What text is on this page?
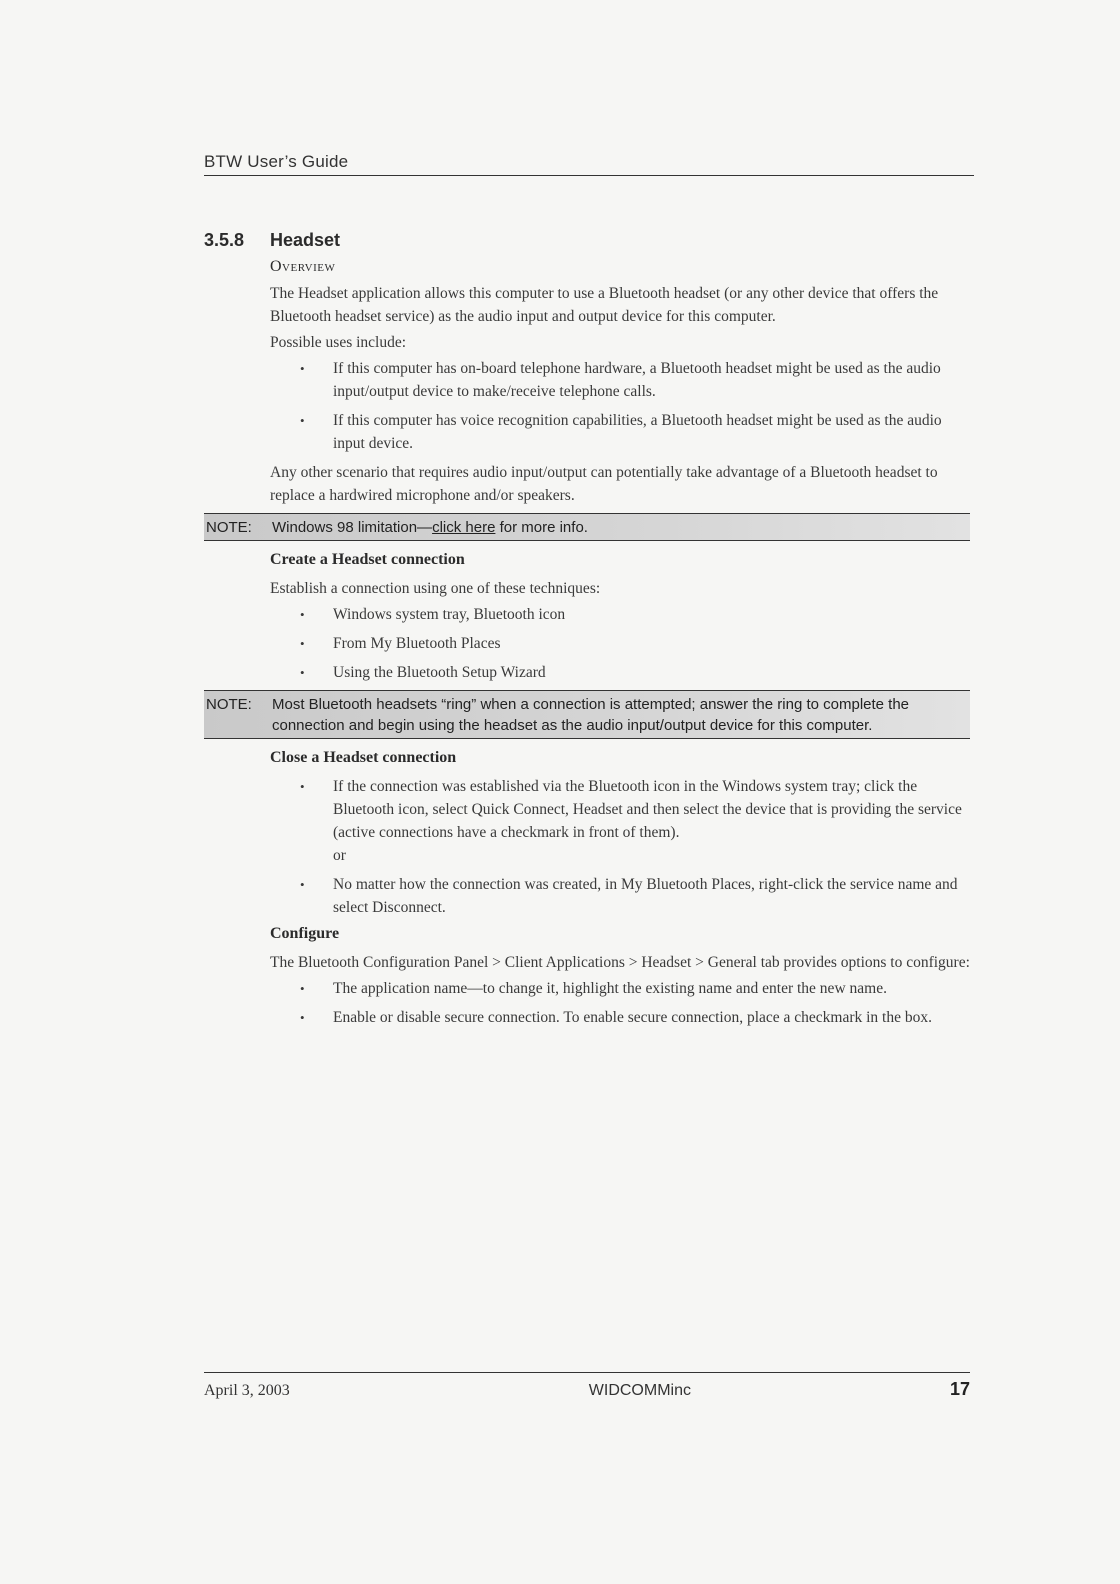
BTW User’s Guide
3.5.8	Headset
Overview

The Headset application allows this computer to use a Bluetooth headset (or any other device that offers the Bluetooth headset service) as the audio input and output device for this computer.

Possible uses include:

• If this computer has on-board telephone hardware, a Bluetooth headset might be used as the audio input/output device to make/receive telephone calls.
• If this computer has voice recognition capabilities, a Bluetooth headset might be used as the audio input device.

Any other scenario that requires audio input/output can potentially take advantage of a Bluetooth headset to replace a hardwired microphone and/or speakers.

NOTE:	Windows 98 limitation—click here for more info.
Create a Headset connection

Establish a connection using one of these techniques:

• Windows system tray, Bluetooth icon
• From My Bluetooth Places
• Using the Bluetooth Setup Wizard
NOTE:	Most Bluetooth headsets “ring” when a connection is attempted; answer the ring to complete the connection and begin using the headset as the audio input/output device for this computer.
Close a Headset connection
• If the connection was established via the Bluetooth icon in the Windows system tray; click the Bluetooth icon, select Quick Connect, Headset and then select the device that is providing the service (active connections have a checkmark in front of them).
or
• No matter how the connection was created, in My Bluetooth Places, right-click the service name and select Disconnect.
Configure

The Bluetooth Configuration Panel > Client Applications > Headset > General tab provides options to configure:

• The application name—to change it, highlight the existing name and enter the new name.
• Enable or disable secure connection. To enable secure connection, place a checkmark in the box.
April 3, 2003	WIDCOMMinc	17
